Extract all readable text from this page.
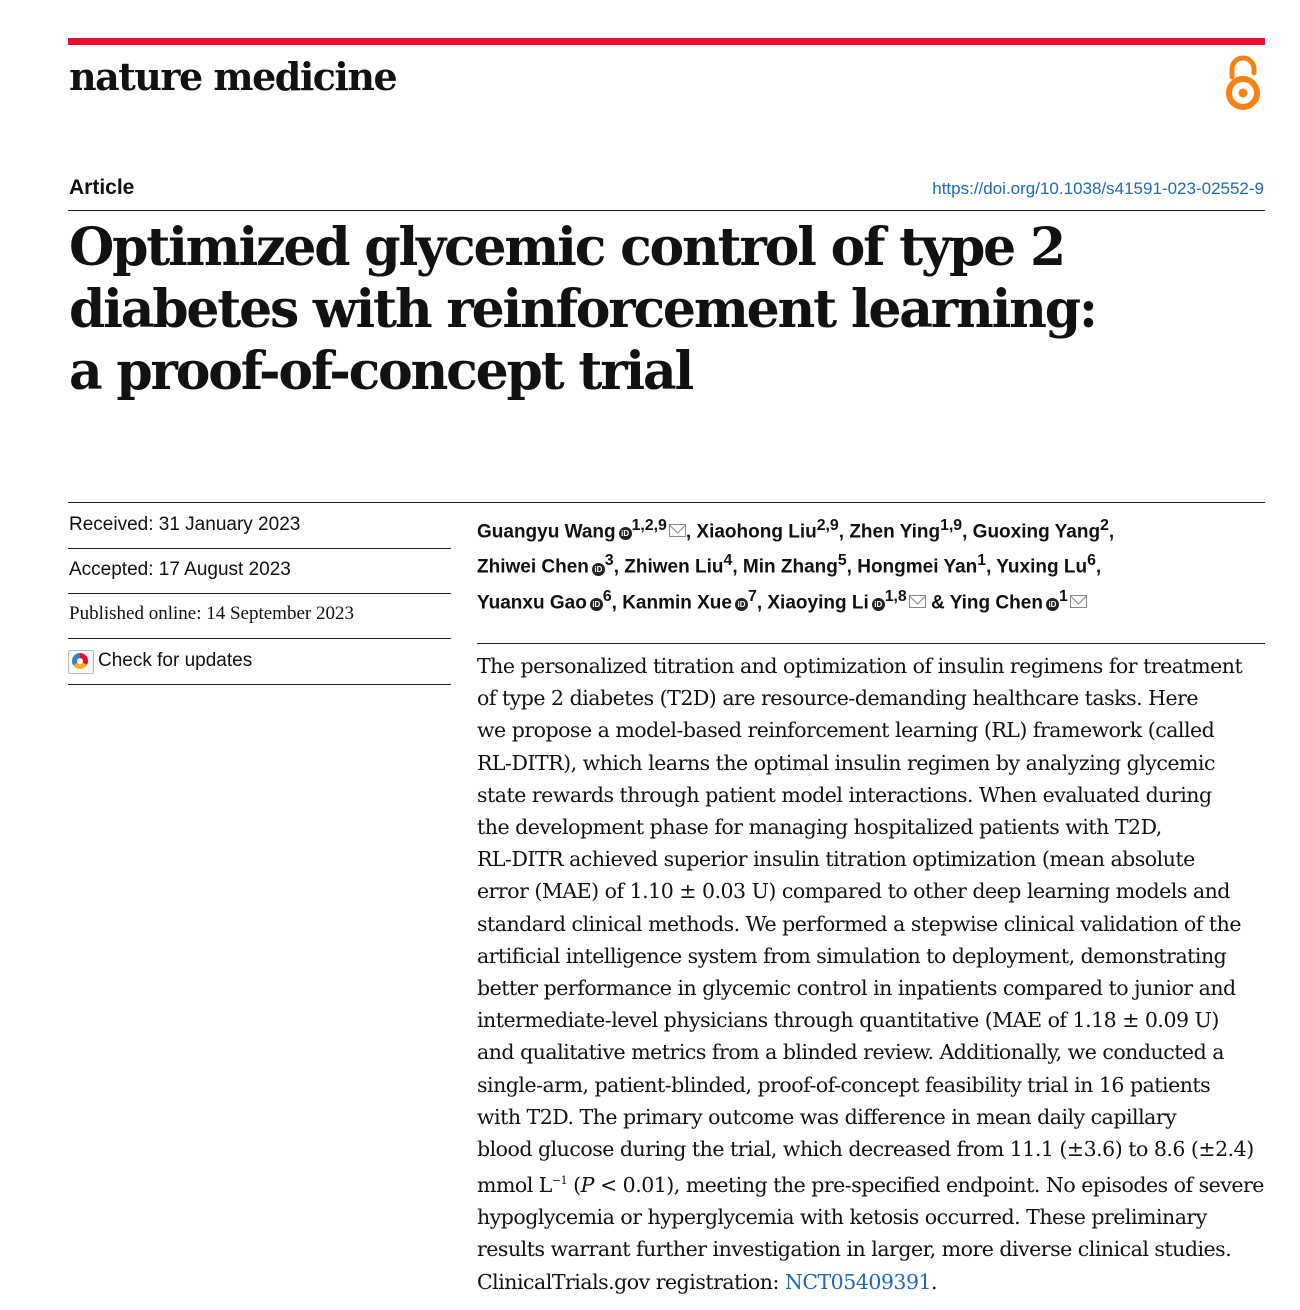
nature medicine
Article	https://doi.org/10.1038/s41591-023-02552-9
Optimized glycemic control of type 2
diabetes with reinforcement learning:
a proof-of-concept trial
Received: 31 January 2023
Accepted: 17 August 2023
Published online: 14 September 2023
Check for updates
Guangyu Wang iD $^{1,2,9}$ , Xiaohong Liu$^{2,9}$, Zhen Ying$^{1,9}$, Guoxing Yang$^2$,
Zhiwei Chen iD $^3$, Zhiwen Liu$^4$, Min Zhang$^5$, Hongmei Yan$^1$, Yuxing Lu$^6$,
Yuanxu Gao iD $^6$, Kanmin Xue iD $^7$, Xiaoying Li iD $^{1,8}$ & Ying Chen iD $^1$
The personalized titration and optimization of insulin regimens for treatment
of type 2 diabetes (T2D) are resource-demanding healthcare tasks. Here
we propose a model-based reinforcement learning (RL) framework (called
RL-DITR), which learns the optimal insulin regimen by analyzing glycemic
state rewards through patient model interactions. When evaluated during
the development phase for managing hospitalized patients with T2D,
RL-DITR achieved superior insulin titration optimization (mean absolute
error (MAE) of 1.10 ± 0.03 U) compared to other deep learning models and
standard clinical methods. We performed a stepwise clinical validation of the
artificial intelligence system from simulation to deployment, demonstrating
better performance in glycemic control in inpatients compared to junior and
intermediate-level physicians through quantitative (MAE of 1.18 ± 0.09 U)
and qualitative metrics from a blinded review. Additionally, we conducted a
single-arm, patient-blinded, proof-of-concept feasibility trial in 16 patients
with T2D. The primary outcome was difference in mean daily capillary
blood glucose during the trial, which decreased from 11.1 (±3.6) to 8.6 (±2.4)
mmol $L^{-1}$ (P < 0.01), meeting the pre-specified endpoint. No episodes of severe
hypoglycemia or hyperglycemia with ketosis occurred. These preliminary
results warrant further investigation in larger, more diverse clinical studies.
ClinicalTrials.gov registration: NCT05409391.
